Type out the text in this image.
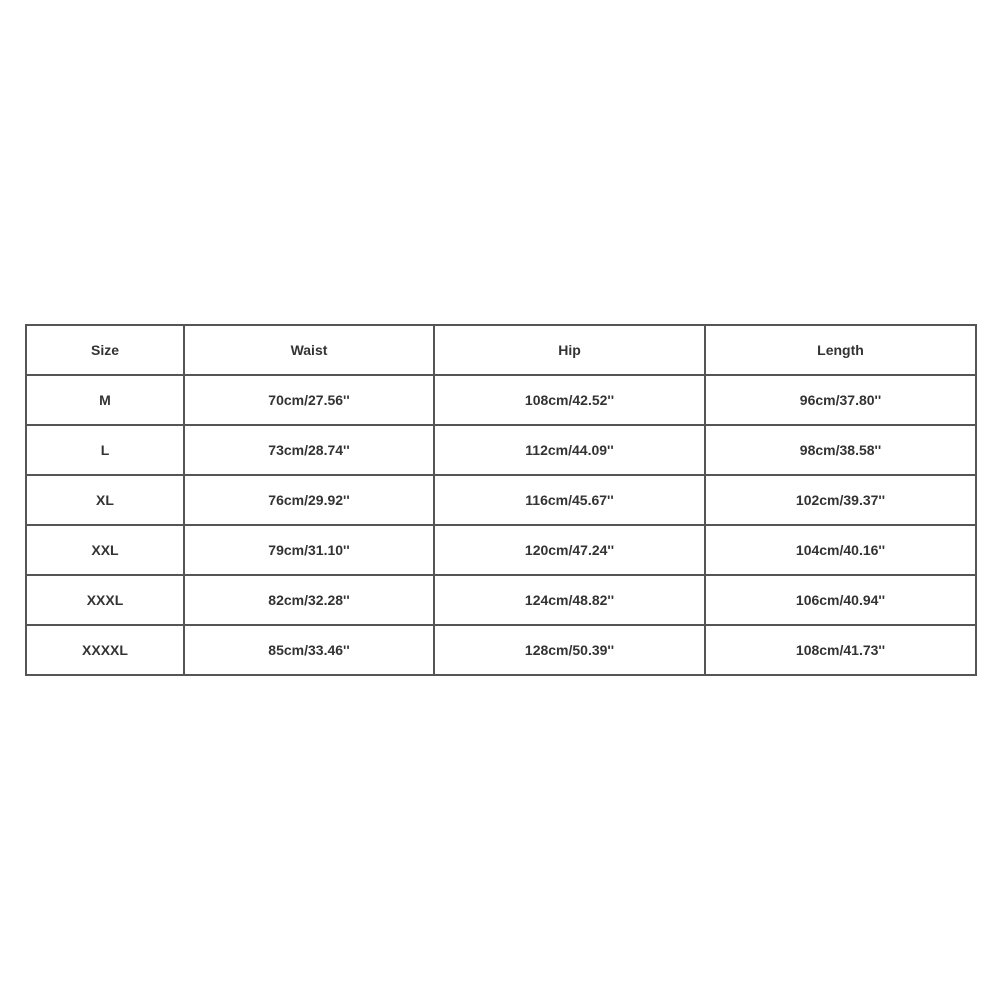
Size	Waist	Hip	Length
M	70cm/27.56''	108cm/42.52''	96cm/37.80''
L	73cm/28.74''	112cm/44.09''	98cm/38.58''
XL	76cm/29.92''	116cm/45.67''	102cm/39.37''
XXL	79cm/31.10''	120cm/47.24''	104cm/40.16''
XXXL	82cm/32.28''	124cm/48.82''	106cm/40.94''
XXXXL	85cm/33.46''	128cm/50.39''	108cm/41.73''
